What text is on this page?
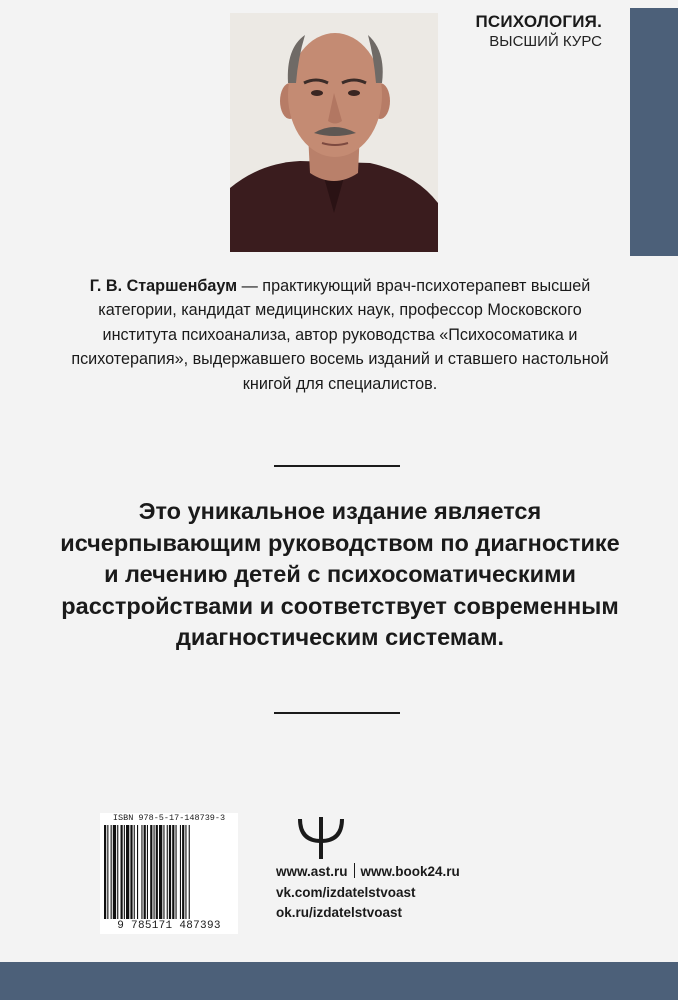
ПСИХОЛОГИЯ.
ВЫСШИЙ КУРС
Г. В. Старшенбаум — практикующий врач-психотерапевт высшей категории, кандидат медицинских наук, профессор Московского института психоанализа, автор руководства «Психосоматика и психотерапия», выдержавшего восемь изданий и ставшего настольной книгой для специалистов.
Это уникальное издание является исчерпывающим руководством по диагностике и лечению детей с психосоматическими расстройствами и соответствует современным диагностическим системам.
ISBN 978-5-17-148739-3
9 785171 487393
www.ast.ru www.book24.ru
vk.com/izdatelstvoast
ok.ru/izdatelstvoast
